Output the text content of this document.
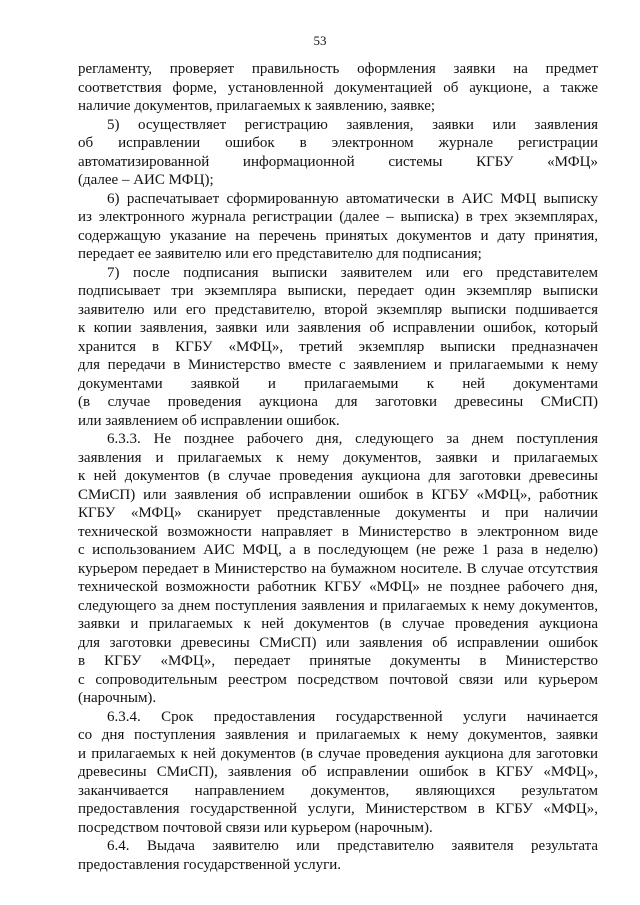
53
регламенту, проверяет правильность оформления заявки на предмет
соответствия форме, установленной документацией об аукционе, а также
наличие документов, прилагаемых к заявлению, заявке;
5) осуществляет регистрацию заявления, заявки или заявления
об исправлении ошибок в электронном журнале регистрации
автоматизированной информационной системы КГБУ «МФЦ»
(далее – АИС МФЦ);
6) распечатывает сформированную автоматически в АИС МФЦ выписку
из электронного журнала регистрации (далее – выписка) в трех экземплярах,
содержащую указание на перечень принятых документов и дату принятия,
передает ее заявителю или его представителю для подписания;
7) после подписания выписки заявителем или его представителем
подписывает три экземпляра выписки, передает один экземпляр выписки
заявителю или его представителю, второй экземпляр выписки подшивается
к копии заявления, заявки или заявления об исправлении ошибок, который
хранится в КГБУ «МФЦ», третий экземпляр выписки предназначен
для передачи в Министерство вместе с заявлением и прилагаемыми к нему
документами заявкой и прилагаемыми к ней документами
(в случае проведения аукциона для заготовки древесины СМиСП)
или заявлением об исправлении ошибок.
6.3.3. Не позднее рабочего дня, следующего за днем поступления
заявления и прилагаемых к нему документов, заявки и прилагаемых
к ней документов (в случае проведения аукциона для заготовки древесины
СМиСП) или заявления об исправлении ошибок в КГБУ «МФЦ», работник
КГБУ «МФЦ» сканирует представленные документы и при наличии
технической возможности направляет в Министерство в электронном виде
с использованием АИС МФЦ, а в последующем (не реже 1 раза в неделю)
курьером передает в Министерство на бумажном носителе. В случае отсутствия
технической возможности работник КГБУ «МФЦ» не позднее рабочего дня,
следующего за днем поступления заявления и прилагаемых к нему документов,
заявки и прилагаемых к ней документов (в случае проведения аукциона
для заготовки древесины СМиСП) или заявления об исправлении ошибок
в КГБУ «МФЦ», передает принятые документы в Министерство
с сопроводительным реестром посредством почтовой связи или курьером
(нарочным).
6.3.4. Срок предоставления государственной услуги начинается
со дня поступления заявления и прилагаемых к нему документов, заявки
и прилагаемых к ней документов (в случае проведения аукциона для заготовки
древесины СМиСП), заявления об исправлении ошибок в КГБУ «МФЦ»,
заканчивается направлением документов, являющихся результатом
предоставления государственной услуги, Министерством в КГБУ «МФЦ»,
посредством почтовой связи или курьером (нарочным).
6.4. Выдача заявителю или представителю заявителя результата
предоставления государственной услуги.
